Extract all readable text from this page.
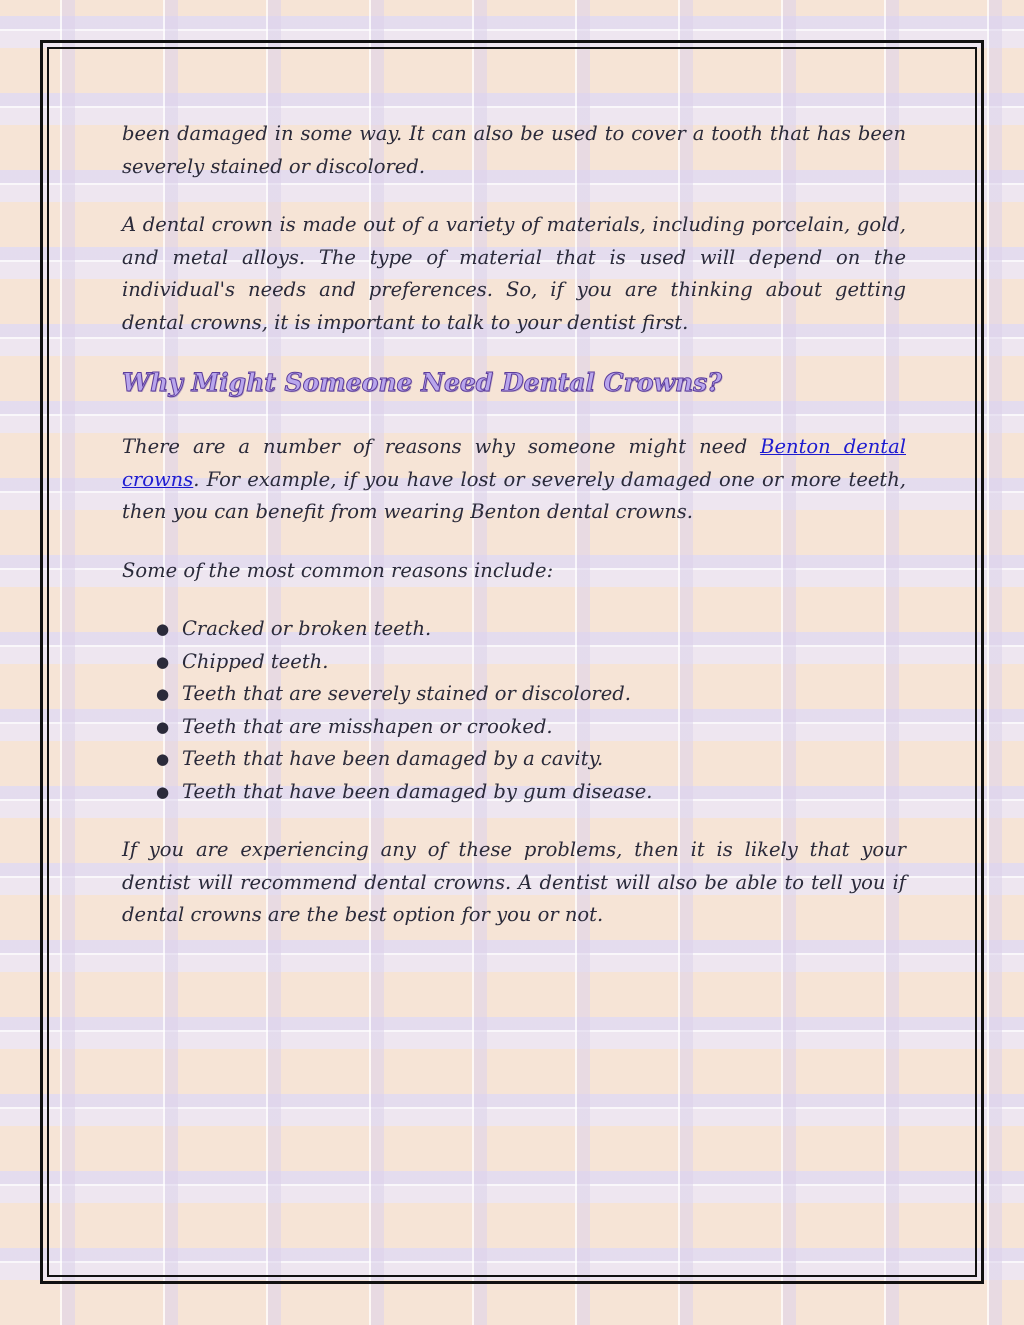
been damaged in some way. It can also be used to cover a tooth that has been severely stained or discolored.

A dental crown is made out of a variety of materials, including porcelain, gold, and metal alloys. The type of material that is used will depend on the individual's needs and preferences. So, if you are thinking about getting dental crowns, it is important to talk to your dentist first.

Why Might Someone Need Dental Crowns?

There are a number of reasons why someone might need Benton dental crowns. For example, if you have lost or severely damaged one or more teeth, then you can benefit from wearing Benton dental crowns.

Some of the most common reasons include:

● Cracked or broken teeth.
● Chipped teeth.
● Teeth that are severely stained or discolored.
● Teeth that are misshapen or crooked.
● Teeth that have been damaged by a cavity.
● Teeth that have been damaged by gum disease.

If you are experiencing any of these problems, then it is likely that your dentist will recommend dental crowns. A dentist will also be able to tell you if dental crowns are the best option for you or not.
